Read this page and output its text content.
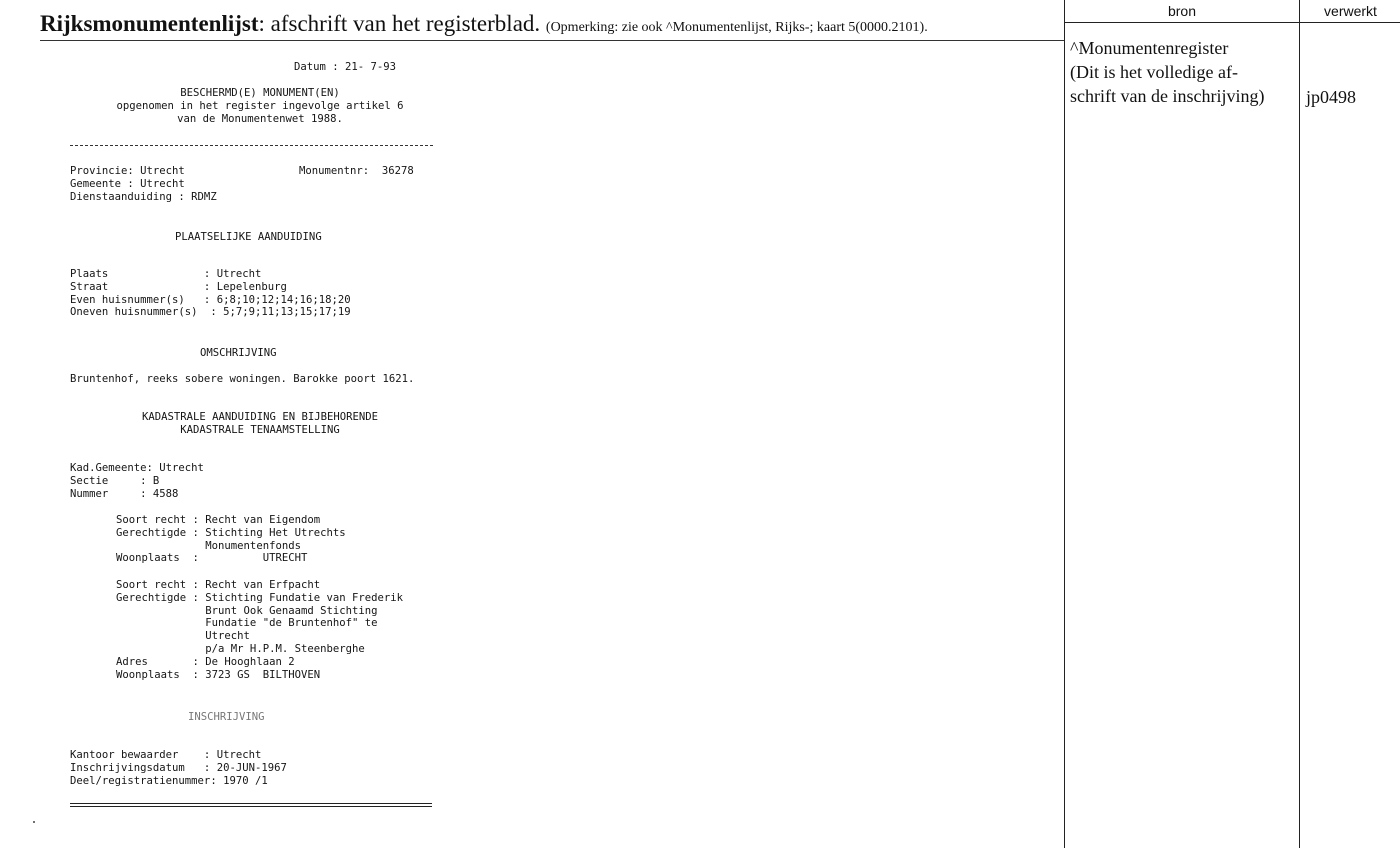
Rijksmonumentenlijst: afschrift van het registerblad. (Opmerking: zie ook ^Monumentenlijst, Rijks-; kaart 5(0000.2101).
bron	verwerkt
^Monumentenregister
(Dit is het volledige af-
schrift van de inschrijving)	jp0498
Datum : 21- 7-93
BESCHERMD(E) MONUMENT(EN)
opgenomen in het register ingevolge artikel 6
van de Monumentenwet 1988.
Provincie: Utrecht
Gemeente : Utrecht
Dienstaanduiding : RDMZ
Monumentnr:  36278
PLAATSELIJKE AANDUIDING
Plaats               : Utrecht
Straat               : Lepelenburg
Even huisnummer(s)   : 6;8;10;12;14;16;18;20
Oneven huisnummer(s)  : 5;7;9;11;13;15;17;19
OMSCHRIJVING
Bruntenhof, reeks sobere woningen. Barokke poort 1621.
KADASTRALE AANDUIDING EN BIJBEHORENDE
KADASTRALE TENAAMSTELLING
Kad.Gemeente: Utrecht
Sectie     : B
Nummer     : 4588
Soort recht : Recht van Eigendom
Gerechtigde : Stichting Het Utrechts
Monumentenfonds
Woonplaats  :          UTRECHT
Soort recht : Recht van Erfpacht
Gerechtigde : Stichting Fundatie van Frederik
Brunt Ook Genaamd Stichting
Fundatie "de Bruntenhof" te
Utrecht
p/a Mr H.P.M. Steenberghe
Adres       : De Hooghlaan 2
Woonplaats  : 3723 GS  BILTHOVEN
INSCHRIJVING
Kantoor bewaarder    : Utrecht
Inschrijvingsdatum   : 20-JUN-1967
Deel/registratienummer: 1970 /1
